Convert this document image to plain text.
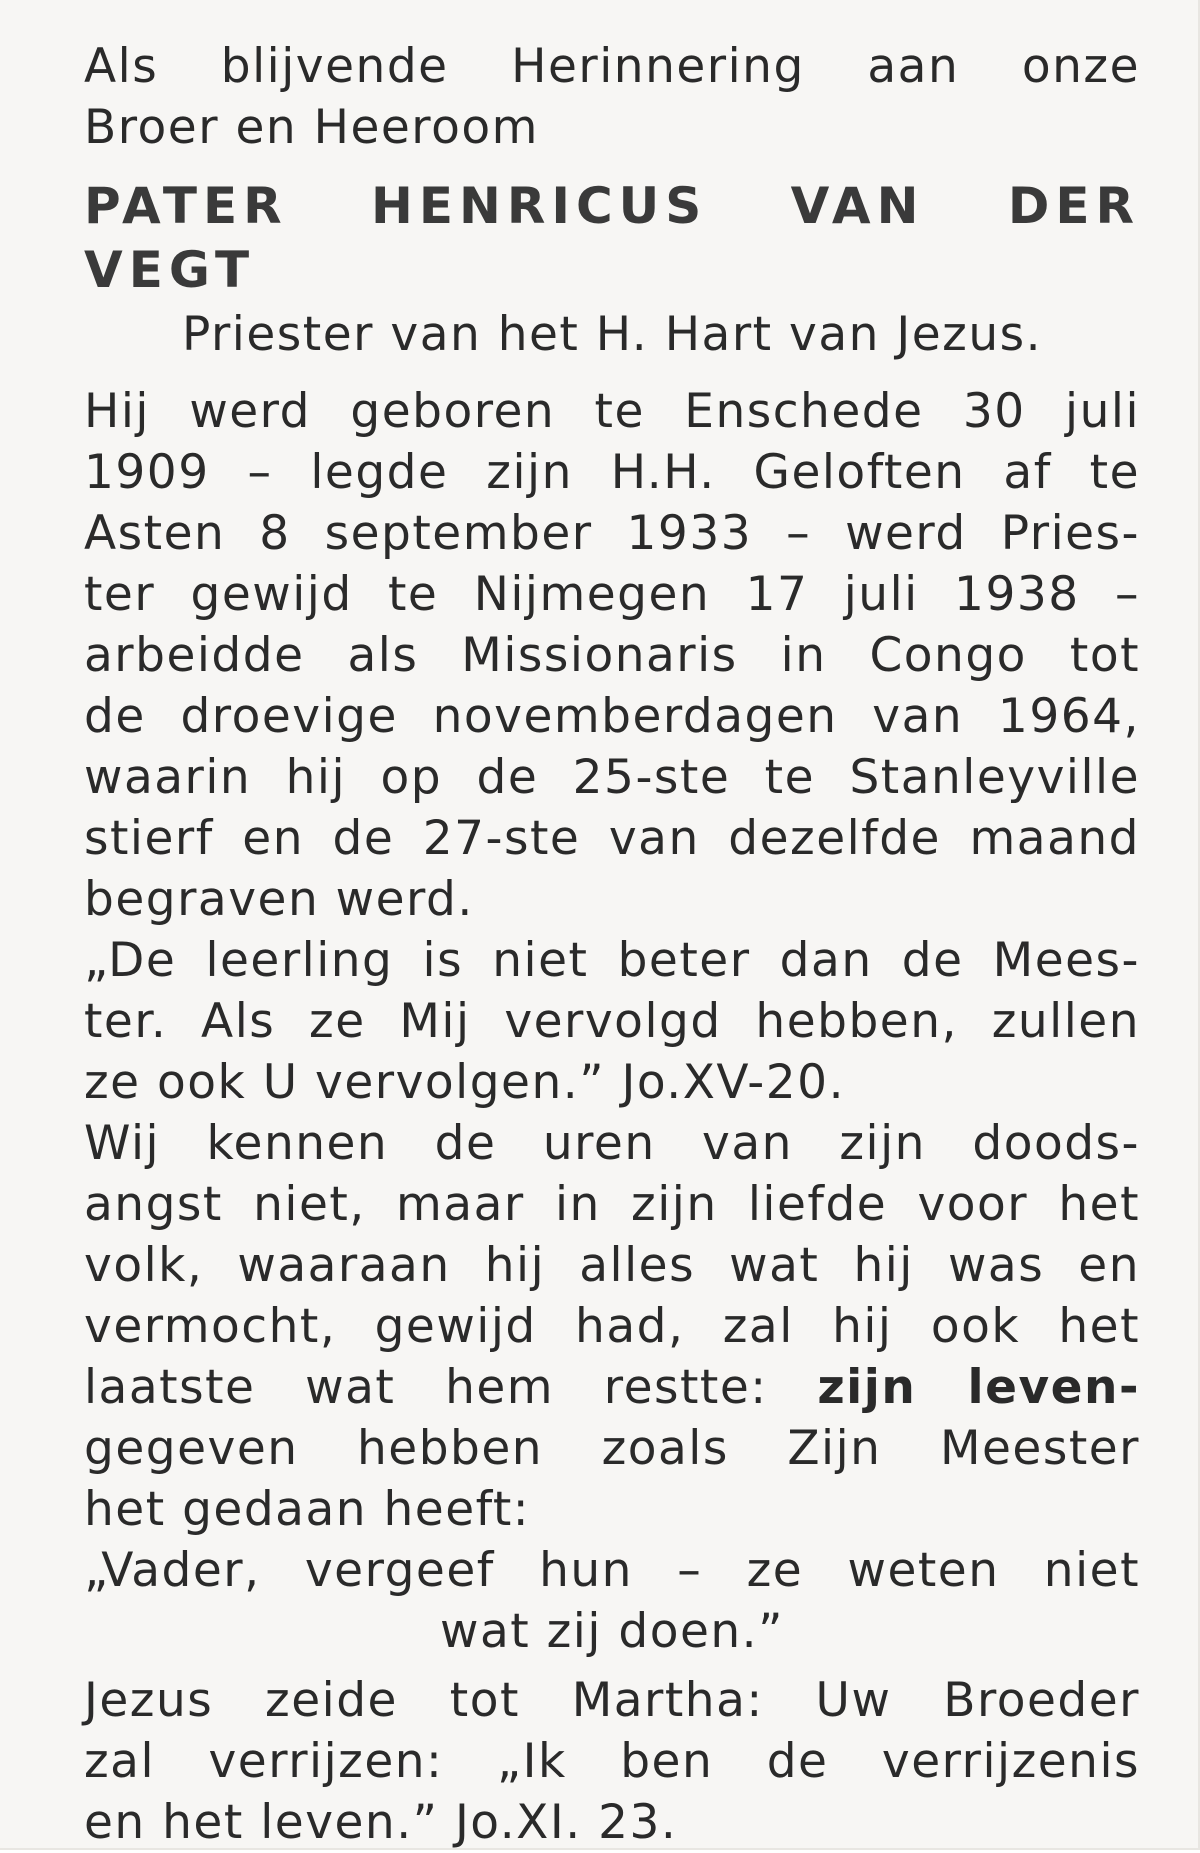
Als blijvende Herinnering aan onze
Broer en Heeroom
PATER HENRICUS VAN DER VEGT
Priester van het H. Hart van Jezus.
Hij werd geboren te Enschede 30 juli
1909 – legde zijn H.H. Geloften af te
Asten 8 september 1933 – werd Pries-
ter gewijd te Nijmegen 17 juli 1938 –
arbeidde als Missionaris in Congo tot
de droevige novemberdagen van 1964,
waarin hij op de 25-ste te Stanleyville
stierf en de 27-ste van dezelfde maand
begraven werd.
„De leerling is niet beter dan de Mees-
ter. Als ze Mij vervolgd hebben, zullen
ze ook U vervolgen.” Jo.XV-20.
Wij kennen de uren van zijn doods-
angst niet, maar in zijn liefde voor het
volk, waaraan hij alles wat hij was en
vermocht, gewijd had, zal hij ook het
laatste wat hem restte: zijn leven-
gegeven hebben zoals Zijn Meester
het gedaan heeft:
„Vader, vergeef hun – ze weten niet
wat zij doen.”
Jezus zeide tot Martha: Uw Broeder
zal verrijzen: „Ik ben de verrijzenis
en het leven.” Jo.XI. 23.
